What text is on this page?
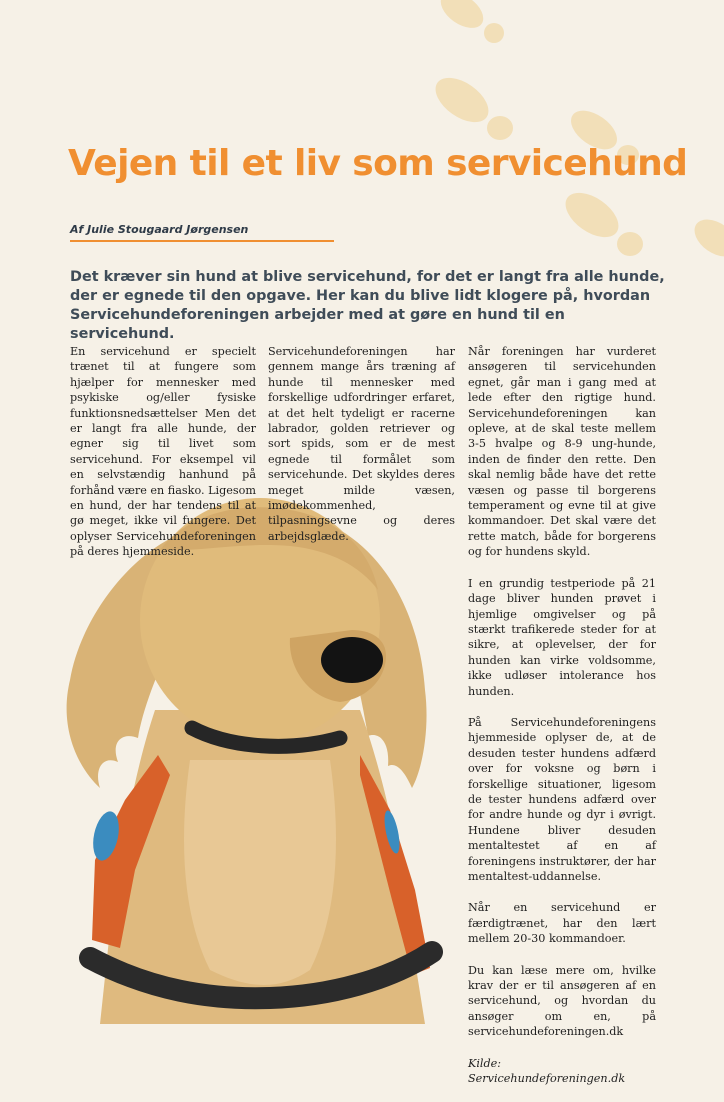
Vejen til et liv som servicehund
Af Julie Stougaard Jørgensen

Det kræver sin hund at blive servicehund, for det er langt fra alle hunde, der er egnede til den opgave. Her kan du blive lidt klogere på, hvordan Servicehundeforeningen arbejder med at gøre en hund til en servicehund.

En servicehund er specielt trænet til at fungere som hjælper for mennesker med psykiske og/eller fysiske funktionsnedsættelser Men det er langt fra alle hunde, der egner sig til livet som servicehund. For eksempel vil en selvstændig hanhund på forhånd være en fiasko. Ligesom en hund, der har tendens til at gø meget, ikke vil fungere. Det oplyser Servicehundeforeningen på deres hjemmeside.

Servicehundeforeningen har gennem mange års træning af hunde til mennesker med forskellige udfordringer erfaret, at det helt tydeligt er racerne labrador, golden retriever og sort spids, som er de mest egnede til formålet som servicehunde. Det skyldes deres meget milde væsen, imødekommenhed, tilpasningsevne og deres arbejdsglæde.

Når foreningen har vurderet ansøgeren til servicehunden egnet, går man i gang med at lede efter den rigtige hund. Servicehundeforeningen kan opleve, at de skal teste mellem 3-5 hvalpe og 8-9 ung-hunde, inden de finder den rette. Den skal nemlig både have det rette væsen og passe til borgerens temperament og evne til at give kommandoer. Det skal være det rette match, både for borgerens og for hundens skyld.

I en grundig testperiode på 21 dage bliver hunden prøvet i hjemlige omgivelser og på stærkt trafikerede steder for at sikre, at oplevelser, der for hunden kan virke voldsomme, ikke udløser intolerance hos hunden.

På Servicehundeforeningens hjemmeside oplyser de, at de desuden tester hundens adfærd over for voksne og børn i forskellige situationer, ligesom de tester hundens adfærd over for andre hunde og dyr i øvrigt. Hundene bliver desuden mentaltestet af en af foreningens instruktører, der har mentaltest-uddannelse.

Når en servicehund er færdigtrænet, har den lært mellem 20-30 kommandoer.

Du kan læse mere om, hvilke krav der er til ansøgeren af en servicehund, og hvordan du ansøger om en, på servicehundeforeningen.dk

Kilde: Servicehundeforeningen.dk
